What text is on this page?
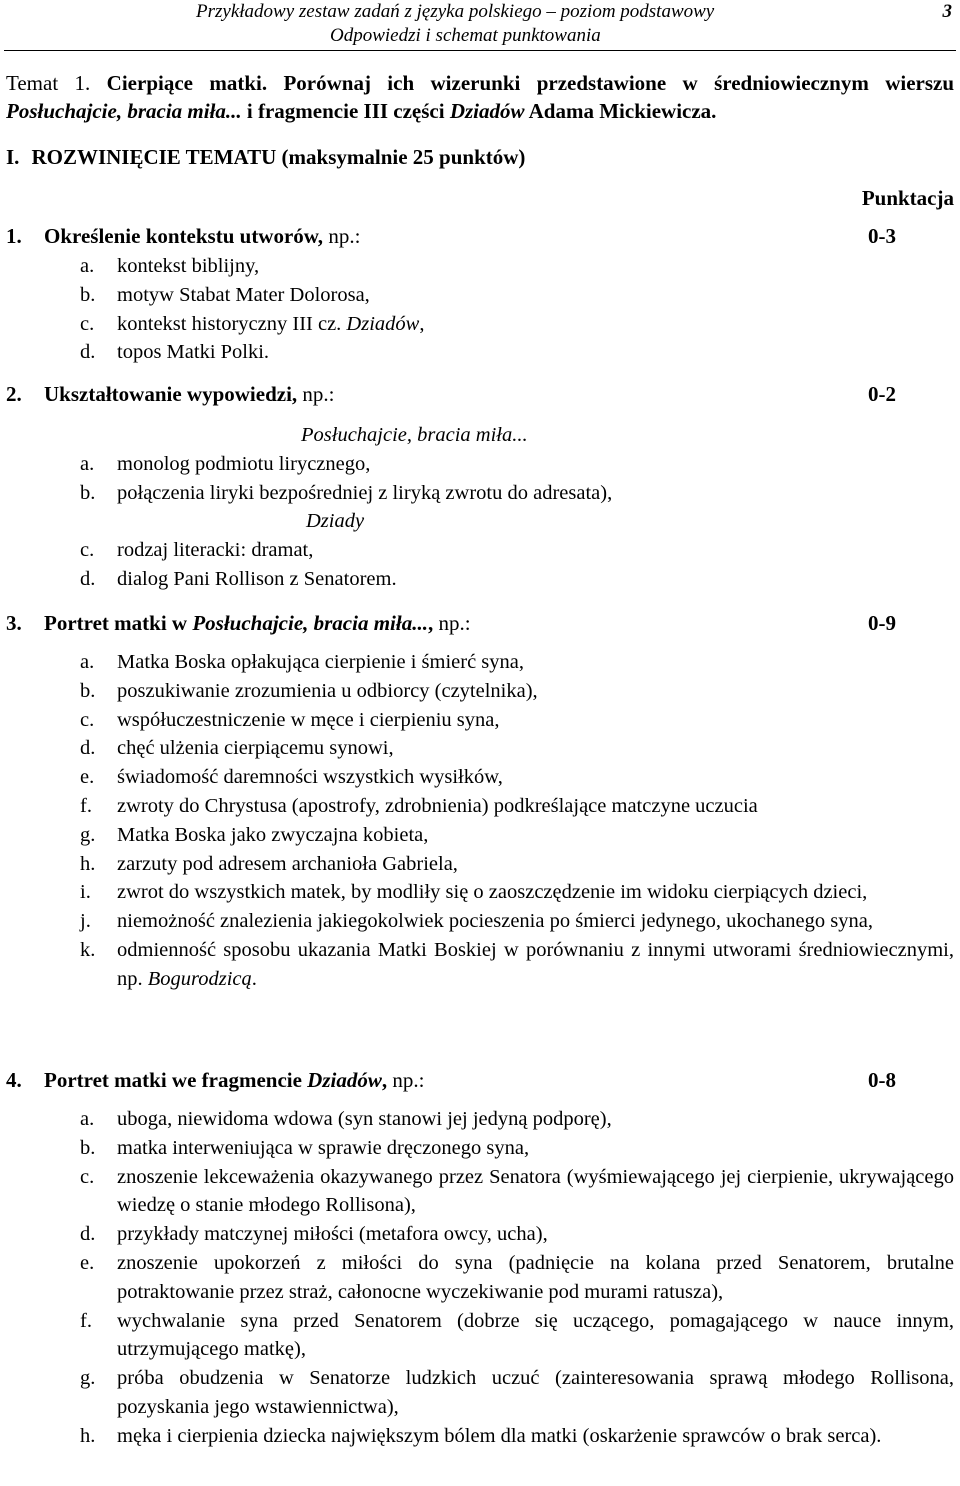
Przykładowy zestaw zadań z języka polskiego – poziom podstawowy
Odpowiedzi i schemat punktowania
3
Temat 1. Cierpiące matki. Porównaj ich wizerunki przedstawione w średniowiecznym wierszu Posłuchajcie, bracia miła... i fragmencie III części Dziadów Adama Mickiewicza.
I. ROZWINIĘCIE TEMATU (maksymalnie 25 punktów)
Punktacja
1. Określenie kontekstu utworów, np.:	0-3
a. kontekst biblijny,
b. motyw Stabat Mater Dolorosa,
c. kontekst historyczny III cz. Dziadów,
d. topos Matki Polki.
2. Ukształtowanie wypowiedzi, np.:	0-2
Posłuchajcie, bracia miła...
a. monolog podmiotu lirycznego,
b. połączenia liryki bezpośredniej z liryką zwrotu do adresata),
Dziady
c. rodzaj literacki: dramat,
d. dialog Pani Rollison z Senatorem.
3. Portret matki w Posłuchajcie, bracia miła..., np.:	0-9
a. Matka Boska opłakująca cierpienie i śmierć syna,
b. poszukiwanie zrozumienia u odbiorcy (czytelnika),
c. współuczestniczenie w męce i cierpieniu syna,
d. chęć ulżenia cierpiącemu synowi,
e. świadomość daremności wszystkich wysiłków,
f. zwroty do Chrystusa (apostrofy, zdrobnienia) podkreślające matczyne uczucia
g. Matka Boska jako zwyczajna kobieta,
h. zarzuty pod adresem archanioła Gabriela,
i. zwrot do wszystkich matek, by modliły się o zaoszczędzenie im widoku cierpiących dzieci,
j. niemożność znalezienia jakiegokolwiek pocieszenia po śmierci jedynego, ukochanego syna,
k. odmienność sposobu ukazania Matki Boskiej w porównaniu z innymi utworami średniowiecznymi, np. Bogurodzicą.
4. Portret matki we fragmencie Dziadów, np.:	0-8
a. uboga, niewidoma wdowa (syn stanowi jej jedyną podporę),
b. matka interweniująca w sprawie dręczonego syna,
c. znoszenie lekceważenia okazywanego przez Senatora (wyśmiewającego jej cierpienie, ukrywającego wiedzę o stanie młodego Rollisona),
d. przykłady matczynej miłości (metafora owcy, ucha),
e. znoszenie upokorzeń z miłości do syna (padnięcie na kolana przed Senatorem, brutalne potraktowanie przez straż, całonocne wyczekiwanie pod murami ratusza),
f. wychwalanie syna przed Senatorem (dobrze się uczącego, pomagającego w nauce innym, utrzymującego matkę),
g. próba obudzenia w Senatorze ludzkich uczuć (zainteresowania sprawą młodego Rollisona, pozyskania jego wstawiennictwa),
h. męka i cierpienia dziecka największym bólem dla matki (oskarżenie sprawców o brak serca).
